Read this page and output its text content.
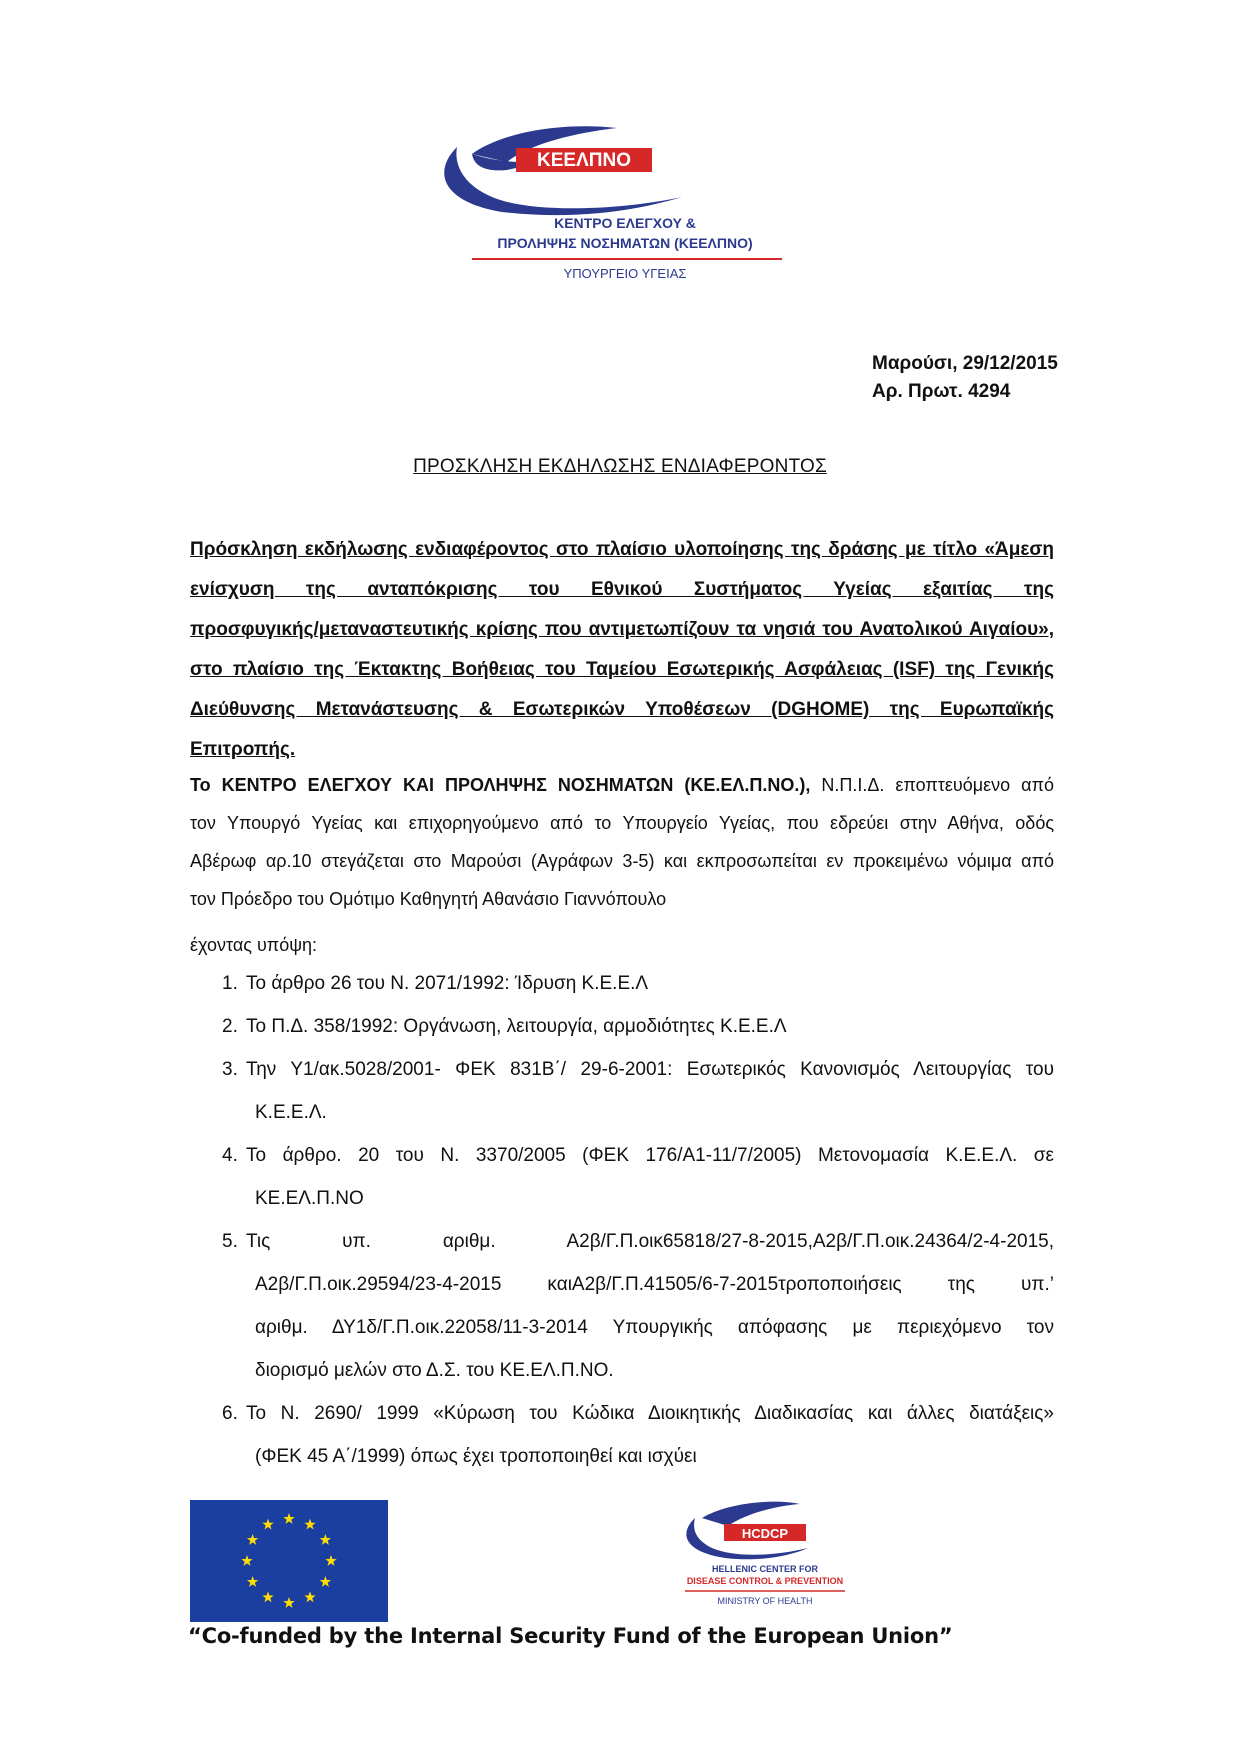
ΚΕΕΛΠΝΟ
ΚΕΝΤΡΟ ΕΛΕΓΧΟΥ &
ΠΡΟΛΗΨΗΣ ΝΟΣΗΜΑΤΩΝ (ΚΕΕΛΠΝΟ)
ΥΠΟΥΡΓΕΙΟ ΥΓΕΙΑΣ
Μαρούσι, 29/12/2015
Αρ. Πρωτ. 4294
ΠΡΟΣΚΛΗΣΗ ΕΚΔΗΛΩΣΗΣ ΕΝΔΙΑΦΕΡΟΝΤΟΣ
Πρόσκληση εκδήλωσης ενδιαφέροντος στο πλαίσιο υλοποίησης της δράσης με τίτλο «Άμεση
ενίσχυση της ανταπόκρισης του Εθνικού Συστήματος Υγείας εξαιτίας της
προσφυγικής/μεταναστευτικής κρίσης που αντιμετωπίζουν τα νησιά του Ανατολικού Αιγαίου»,
στο πλαίσιο της Έκτακτης Βοήθειας του Ταμείου Εσωτερικής Ασφάλειας (ISF) της Γενικής
Διεύθυνσης Μετανάστευσης & Εσωτερικών Υποθέσεων (DGHOME) της Ευρωπαϊκής Επιτροπής.
Το ΚΕΝΤΡΟ ΕΛΕΓΧΟΥ ΚΑΙ ΠΡΟΛΗΨΗΣ ΝΟΣΗΜΑΤΩΝ (ΚΕ.ΕΛ.Π.ΝΟ.), Ν.Π.Ι.Δ. εποπτευόμενο από
τον Υπουργό Υγείας και επιχορηγούμενο από το Υπουργείο Υγείας, που εδρεύει στην Αθήνα, οδός
Αβέρωφ αρ.10 στεγάζεται στο Μαρούσι (Αγράφων 3-5) και εκπροσωπείται εν προκειμένω νόμιμα από
τον Πρόεδρο του Ομότιμο Καθηγητή Αθανάσιο Γιαννόπουλο
έχοντας υπόψη:
1. Το άρθρο 26 του Ν. 2071/1992: Ίδρυση Κ.Ε.Ε.Λ
2. Το Π.Δ. 358/1992: Οργάνωση, λειτουργία, αρμοδιότητες Κ.Ε.Ε.Λ
3. Την Υ1/ακ.5028/2001- ΦΕΚ 831Β΄/ 29-6-2001: Εσωτερικός Κανονισμός Λειτουργίας του
Κ.Ε.Ε.Λ.
4. Το άρθρο. 20 του Ν. 3370/2005 (ΦΕΚ 176/Α1-11/7/2005) Μετονομασία Κ.Ε.Ε.Λ. σε
ΚΕ.ΕΛ.Π.ΝΟ
5. Τις υπ. αριθμ. Α2β/Γ.Π.οικ65818/27-8-2015,Α2β/Γ.Π.οικ.24364/2-4-2015,
Α2β/Γ.Π.οικ.29594/23-4-2015 καιΑ2β/Γ.Π.41505/6-7-2015τροποποιήσεις της υπ.’
αριθμ. ΔΥ1δ/Γ.Π.οικ.22058/11-3-2014 Υπουργικής απόφασης με περιεχόμενο τον
διορισμό μελών στο Δ.Σ. του ΚΕ.ΕΛ.Π.ΝΟ.
6. Το Ν. 2690/ 1999 «Κύρωση του Κώδικα Διοικητικής Διαδικασίας και άλλες διατάξεις»
(ΦΕΚ 45 Α΄/1999) όπως έχει τροποποιηθεί και ισχύει
HCDCP
HELLENIC CENTER FOR
DISEASE CONTROL & PREVENTION
MINISTRY OF HEALTH
“Co-funded by the Internal Security Fund of the European Union”
